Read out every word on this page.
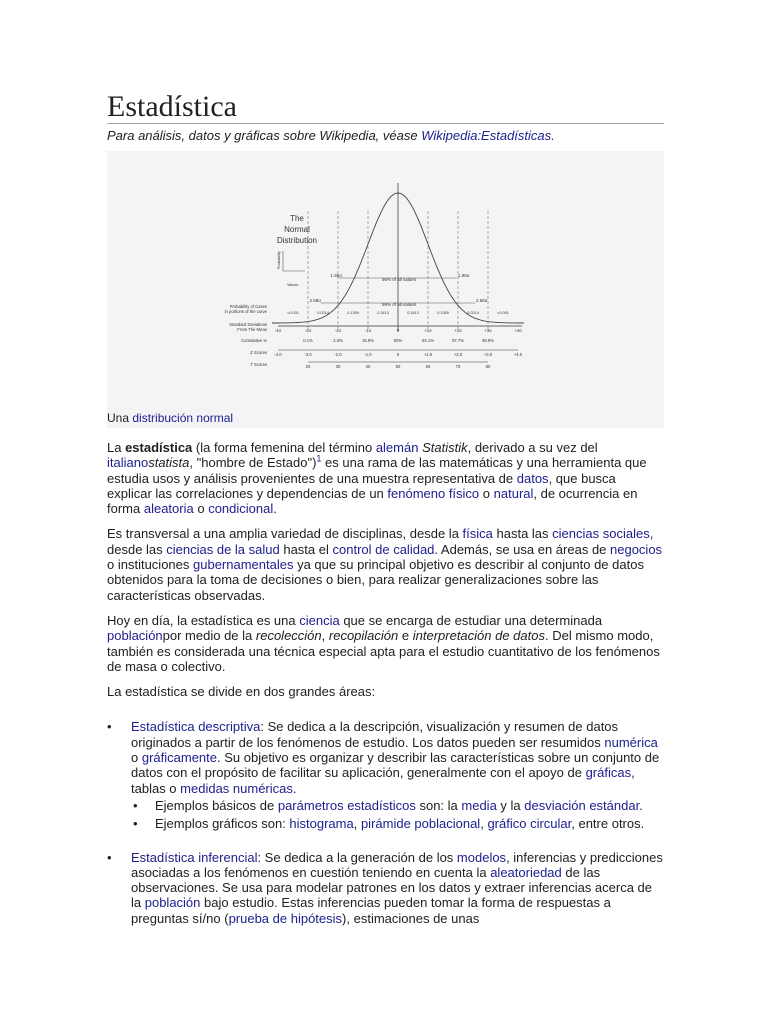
Estadística
Para análisis, datos y gráficas sobre Wikipedia, véase Wikipedia:Estadísticas.
1.96σ
95% of all values
1.96σ
2.58σ
99% of all values
2.58σ
The
Normal
Distribution
Probability
Values
Probability of Cases
in portions of the curve
Standard Deviations
From The Mean
Cumulative %
Z Scores
T Scores
<0.001	0.0214	0.1359	0.3413	0.3413	0.1359	0.0214	<0.001
-4σ	-3σ	-2σ	-1σ	0	+1σ	+2σ	+3σ	+4σ
0.1%	2.3%	15.9%	50%	84.1%	97.7%	99.9%
-4.0	-3.0	-2.0	-1.0	0	+1.0	+2.0	+3.0	+4.0
20	30	40	50	60	70	80
Una distribución normal

La estadística (la forma femenina del término alemán Statistik, derivado a su vez del italianostatista, "hombre de Estado")$^1$ es una rama de las matemáticas y una herramienta que estudia usos y análisis provenientes de una muestra representativa de datos, que busca explicar las correlaciones y dependencias de un fenómeno físico o natural, de ocurrencia en forma aleatoria o condicional.

Es transversal a una amplia variedad de disciplinas, desde la física hasta las ciencias sociales, desde las ciencias de la salud hasta el control de calidad. Además, se usa en áreas de negocios o instituciones gubernamentales ya que su principal objetivo es describir al conjunto de datos obtenidos para la toma de decisiones o bien, para realizar generalizaciones sobre las características observadas.

Hoy en día, la estadística es una ciencia que se encarga de estudiar una determinada poblaciónpor medio de la recolección, recopilación e interpretación de datos. Del mismo modo, también es considerada una técnica especial apta para el estudio cuantitativo de los fenómenos de masa o colectivo.

La estadística se divide en dos grandes áreas:

• Estadística descriptiva: Se dedica a la descripción, visualización y resumen de datos originados a partir de los fenómenos de estudio. Los datos pueden ser resumidos numérica o gráficamente. Su objetivo es organizar y describir las características sobre un conjunto de datos con el propósito de facilitar su aplicación, generalmente con el apoyo de gráficas, tablas o medidas numéricas.
• Ejemplos básicos de parámetros estadísticos son: la media y la desviación estándar.
• Ejemplos gráficos son: histograma, pirámide poblacional, gráfico circular, entre otros.
• Estadística inferencial: Se dedica a la generación de los modelos, inferencias y predicciones asociadas a los fenómenos en cuestión teniendo en cuenta la aleatoriedad de las observaciones. Se usa para modelar patrones en los datos y extraer inferencias acerca de la población bajo estudio. Estas inferencias pueden tomar la forma de respuestas a preguntas sí/no (prueba de hipótesis), estimaciones de unas
